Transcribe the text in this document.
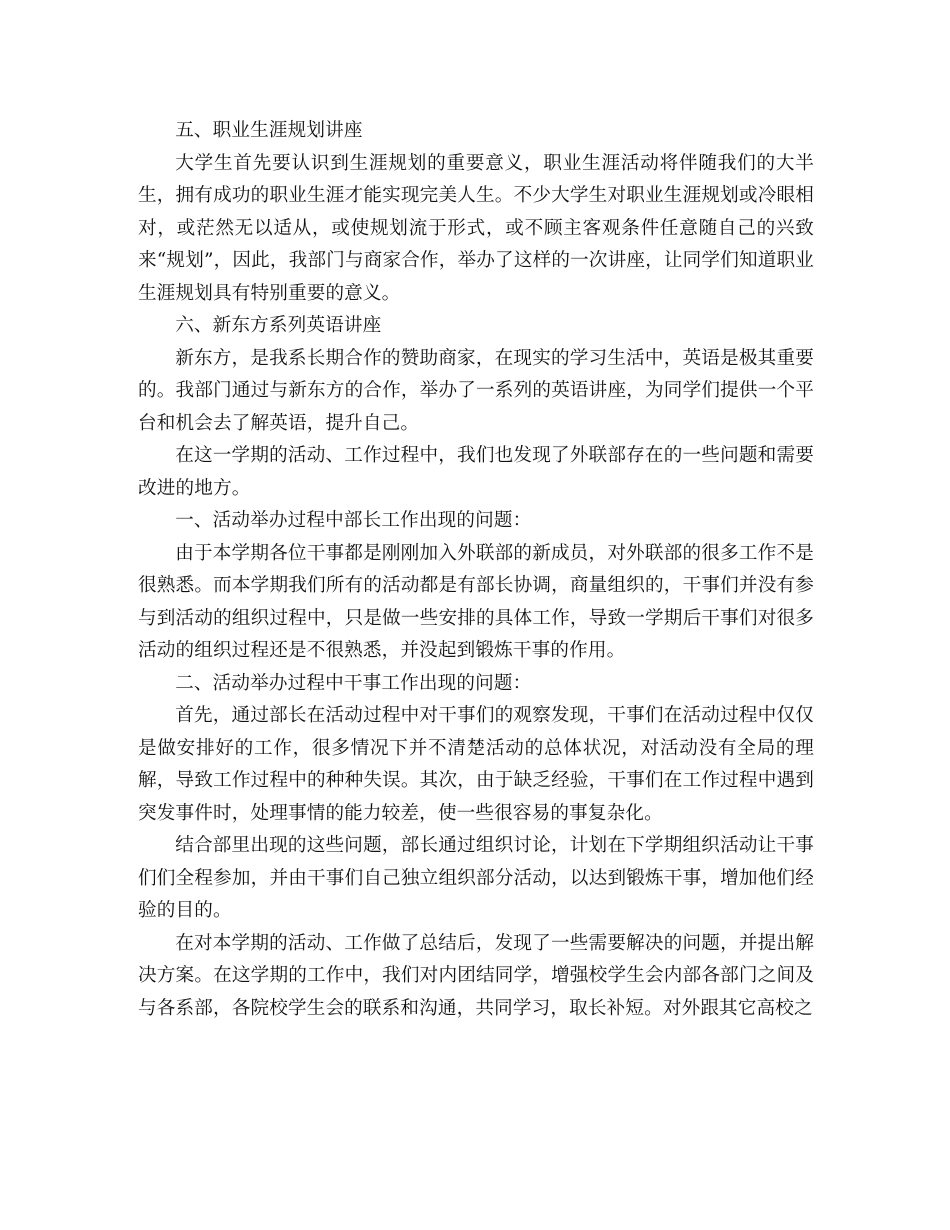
五、职业生涯规划讲座

大学生首先要认识到生涯规划的重要意义，职业生涯活动将伴随我们的大半生，拥有成功的职业生涯才能实现完美人生。不少大学生对职业生涯规划或冷眼相对，或茫然无以适从，或使规划流于形式，或不顾主客观条件任意随自己的兴致来“规划”，因此，我部门与商家合作，举办了这样的一次讲座，让同学们知道职业生涯规划具有特别重要的意义。

六、新东方系列英语讲座

新东方，是我系长期合作的赞助商家，在现实的学习生活中，英语是极其重要的。我部门通过与新东方的合作，举办了一系列的英语讲座，为同学们提供一个平台和机会去了解英语，提升自己。

在这一学期的活动、工作过程中，我们也发现了外联部存在的一些问题和需要改进的地方。

一、活动举办过程中部长工作出现的问题：

由于本学期各位干事都是刚刚加入外联部的新成员，对外联部的很多工作不是很熟悉。而本学期我们所有的活动都是有部长协调，商量组织的，干事们并没有参与到活动的组织过程中，只是做一些安排的具体工作，导致一学期后干事们对很多活动的组织过程还是不很熟悉，并没起到锻炼干事的作用。

二、活动举办过程中干事工作出现的问题：

首先，通过部长在活动过程中对干事们的观察发现，干事们在活动过程中仅仅是做安排好的工作，很多情况下并不清楚活动的总体状况，对活动没有全局的理解，导致工作过程中的种种失误。其次，由于缺乏经验，干事们在工作过程中遇到突发事件时，处理事情的能力较差，使一些很容易的事复杂化。

结合部里出现的这些问题，部长通过组织讨论，计划在下学期组织活动让干事们们全程参加，并由干事们自己独立组织部分活动，以达到锻炼干事，增加他们经验的目的。

在对本学期的活动、工作做了总结后，发现了一些需要解决的问题，并提出解决方案。在这学期的工作中，我们对内团结同学，增强校学生会内部各部门之间及与各系部，各院校学生会的联系和沟通，共同学习，取长补短。对外跟其它高校之
